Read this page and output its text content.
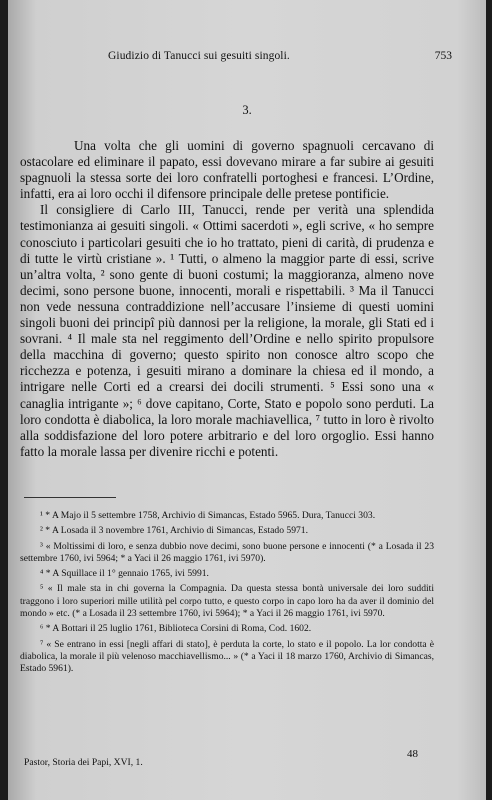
Giudizio di Tanucci sui gesuiti singoli.	753
3.

Una volta che gli uomini di governo spagnuoli cercavano di ostacolare ed eliminare il papato, essi dovevano mirare a far subire ai gesuiti spagnuoli la stessa sorte dei loro confratelli portoghesi e francesi. L’Ordine, infatti, era ai loro occhi il difensore principale delle pretese pontificie.

Il consigliere di Carlo III, Tanucci, rende per verità una splendida testimonianza ai gesuiti singoli. « Ottimi sacerdoti », egli scrive, « ho sempre conosciuto i particolari gesuiti che io ho trattato, pieni di carità, di prudenza e di tutte le virtù cristiane ». ¹ Tutti, o almeno la maggior parte di essi, scrive un’altra volta, ² sono gente di buoni costumi; la maggioranza, almeno nove decimi, sono persone buone, innocenti, morali e rispettabili. ³ Ma il Tanucci non vede nessuna contraddizione nell’accusare l’insieme di questi uomini singoli buoni dei principî più dannosi per la religione, la morale, gli Stati ed i sovrani. ⁴ Il male sta nel reggimento dell’Ordine e nello spirito propulsore della macchina di governo; questo spirito non conosce altro scopo che ricchezza e potenza, i gesuiti mirano a dominare la chiesa ed il mondo, a intrigare nelle Corti ed a crearsi dei docili strumenti. ⁵ Essi sono una « canaglia intrigante »; ⁶ dove capitano, Corte, Stato e popolo sono perduti. La loro condotta è diabolica, la loro morale machiavellica, ⁷ tutto in loro è rivolto alla soddisfazione del loro potere arbitrario e del loro orgoglio. Essi hanno fatto la morale lassa per divenire ricchi e potenti.

¹ * A Majo il 5 settembre 1758, Archivio di Simancas, Estado 5965. Dura, Tanucci 303.

² * A Losada il 3 novembre 1761, Archivio di Simancas, Estado 5971.

³ « Moltissimi di loro, e senza dubbio nove decimi, sono buone persone e innocenti (* a Losada il 23 settembre 1760, ivi 5964; * a Yaci il 26 maggio 1761, ivi 5970).

⁴ * A Squillace il 1° gennaio 1765, ivi 5991.

⁵ « Il male sta in chi governa la Compagnia. Da questa stessa bontà universale dei loro sudditi traggono i loro superiori mille utilità pel corpo tutto, e questo corpo in capo loro ha da aver il dominio del mondo » etc. (* a Losada il 23 settembre 1760, ivi 5964); * a Yaci il 26 maggio 1761, ivi 5970.

⁶ * A Bottari il 25 luglio 1761, Biblioteca Corsini di Roma, Cod. 1602.

⁷ « Se entrano in essi [negli affari di stato], è perduta la corte, lo stato e il popolo. La lor condotta è diabolica, la morale il più velenoso macchiavellismo... » (* a Yaci il 18 marzo 1760, Archivio di Simancas, Estado 5961).

Pastor, Storia dei Papi, XVI, 1.
48
